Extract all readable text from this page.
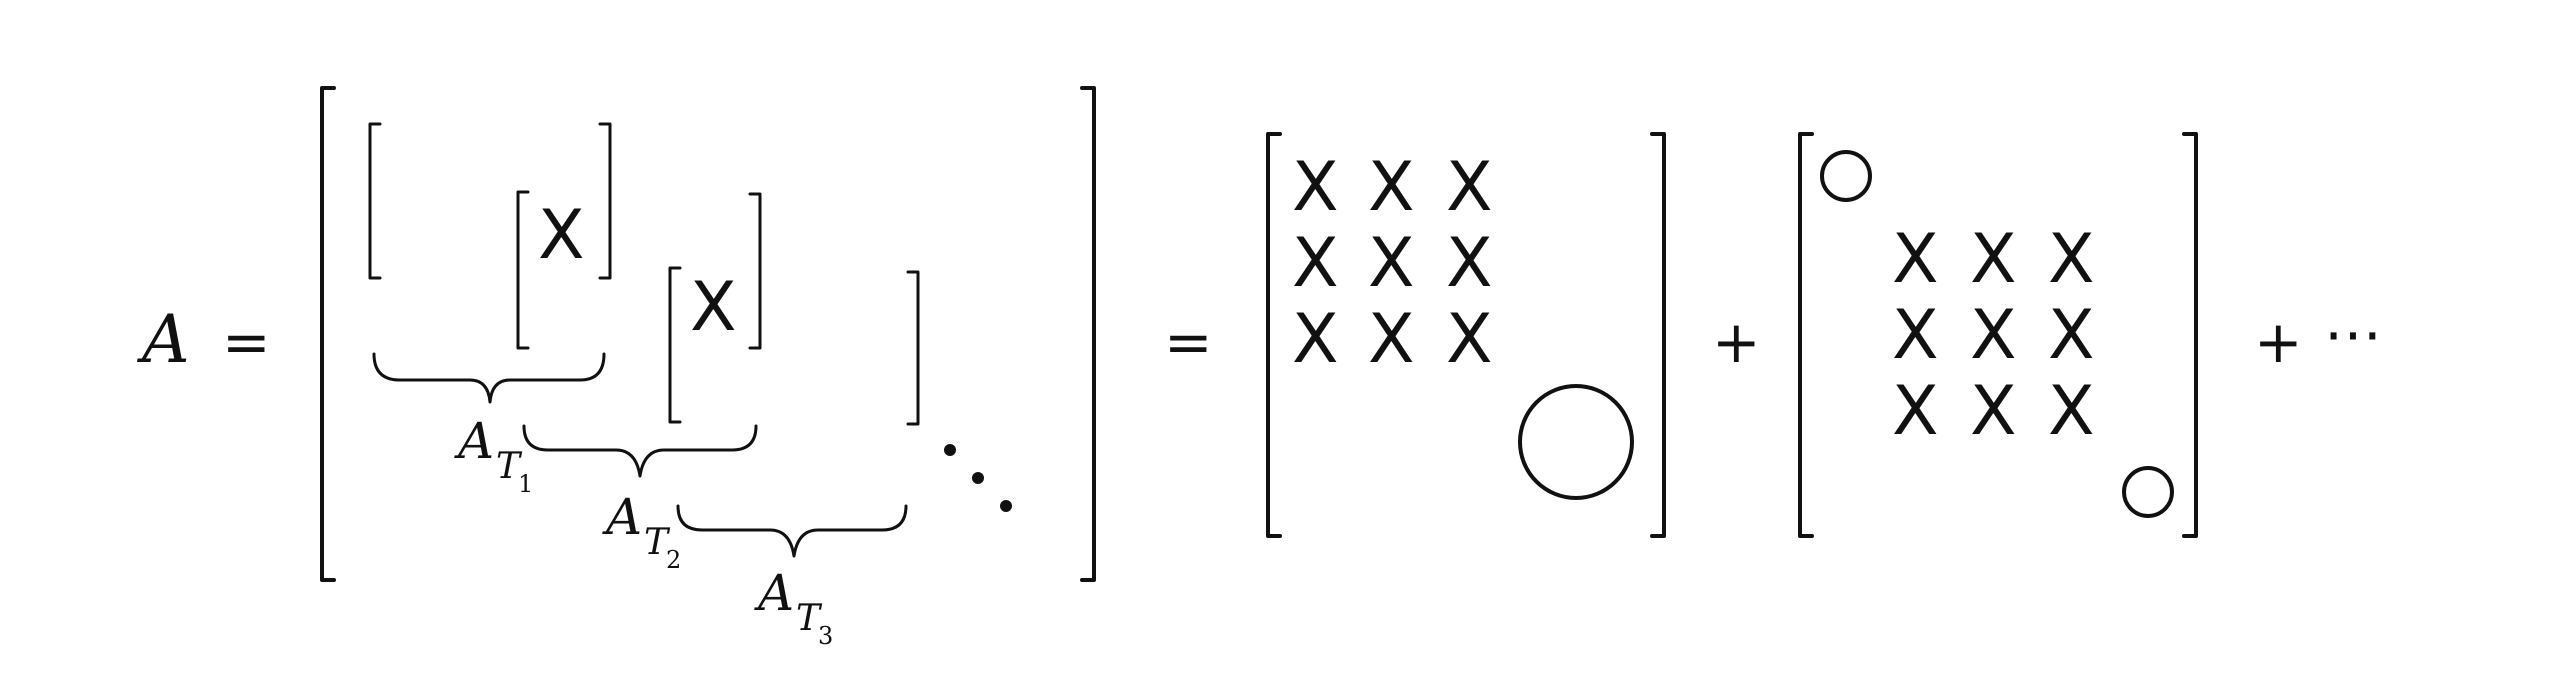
A =
X
X
A T
1
A T
2
A T
3
=
X X X
X X X
X X X	+
X X X
X X X
X X X
+ ⋯
